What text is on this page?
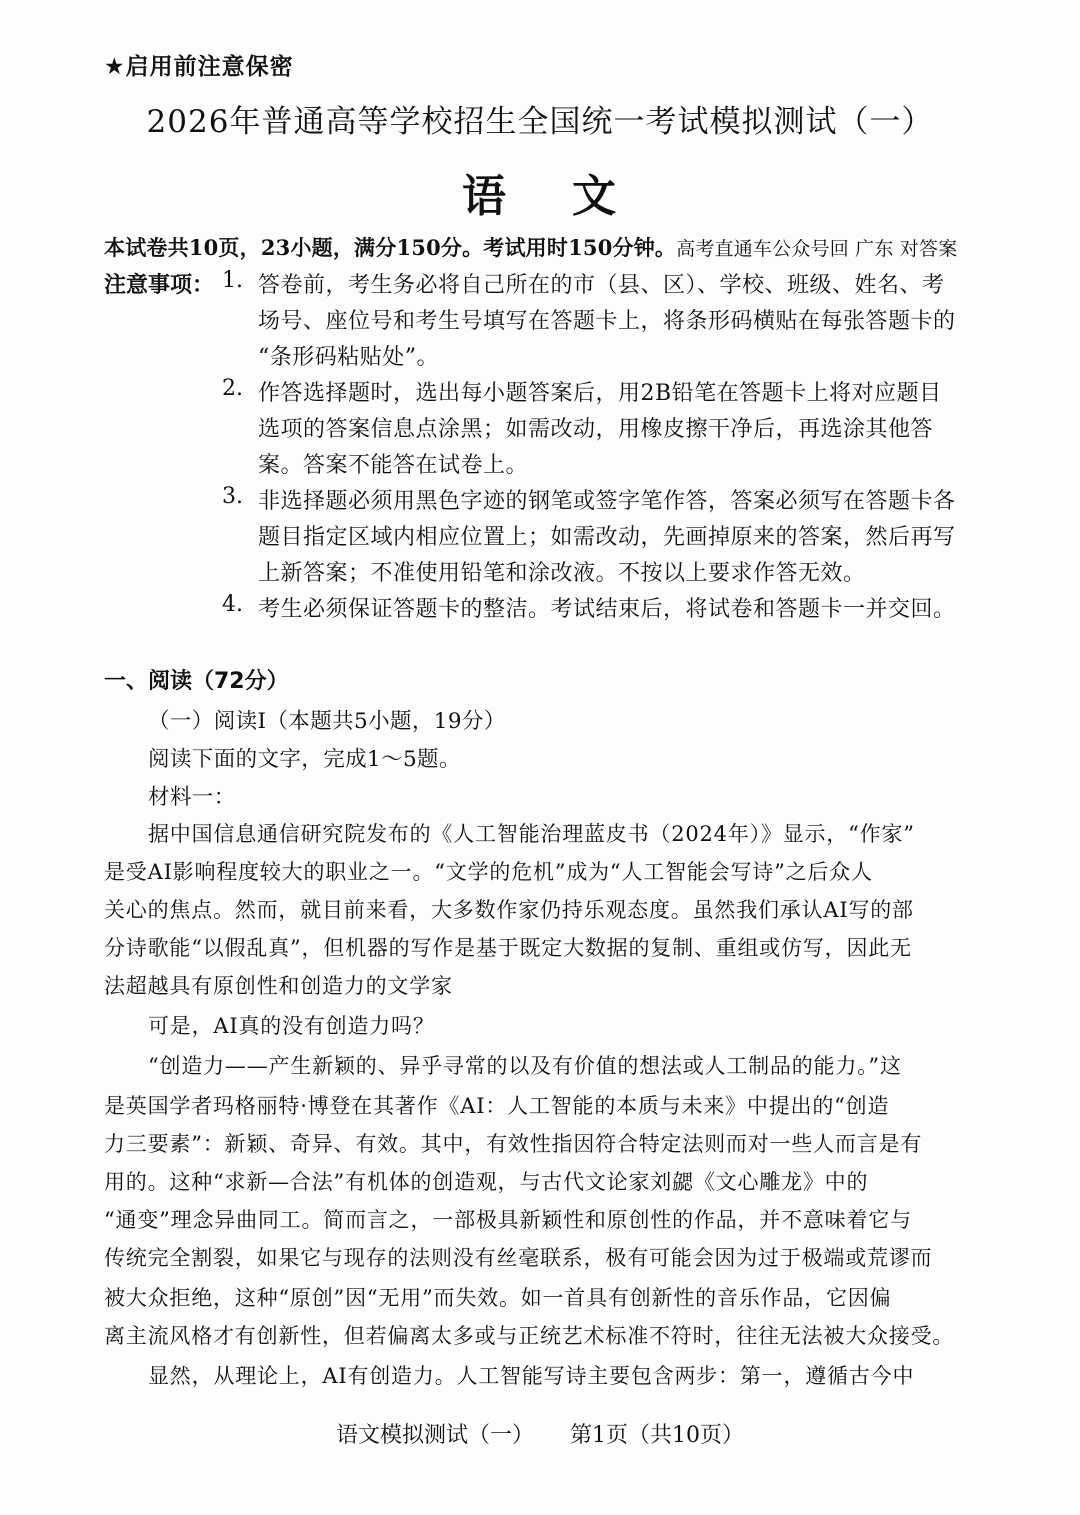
★启用前注意保密
2026年普通高等学校招生全国统一考试模拟测试（一）
语 文
本试卷共10页，23小题，满分150分。考试用时150分钟。高考直通车公众号回 广东 对答案
注意事项： 1. 答卷前，考生务必将自己所在的市（县、区）、学校、班级、姓名、考
场号、座位号和考生号填写在答题卡上，将条形码横贴在每张答题卡的
“条形码粘贴处”。
2. 作答选择题时，选出每小题答案后，用2B铅笔在答题卡上将对应题目
选项的答案信息点涂黑；如需改动，用橡皮擦干净后，再选涂其他答
案。答案不能答在试卷上。
3. 非选择题必须用黑色字迹的钢笔或签字笔作答，答案必须写在答题卡各
题目指定区域内相应位置上；如需改动，先画掉原来的答案，然后再写
上新答案；不准使用铅笔和涂改液。不按以上要求作答无效。
4. 考生必须保证答题卡的整洁。考试结束后，将试卷和答题卡一并交回。
一、阅读（72分）
（一）阅读Ⅰ（本题共5小题，19分）
阅读下面的文字，完成1～5题。
材料一：
据中国信息通信研究院发布的《人工智能治理蓝皮书（2024年）》显示，“作家”
是受AI影响程度较大的职业之一。“文学的危机”成为“人工智能会写诗”之后众人
关心的焦点。然而，就目前来看，大多数作家仍持乐观态度。虽然我们承认AI写的部
分诗歌能“以假乱真”，但机器的写作是基于既定大数据的复制、重组或仿写，因此无
法超越具有原创性和创造力的文学家
可是，AI真的没有创造力吗？
“创造力——产生新颖的、异乎寻常的以及有价值的想法或人工制品的能力。”这
是英国学者玛格丽特·博登在其著作《AI：人工智能的本质与未来》中提出的“创造
力三要素”：新颖、奇异、有效。其中，有效性指因符合特定法则而对一些人而言是有
用的。这种“求新—合法”有机体的创造观，与古代文论家刘勰《文心雕龙》中的
“通变”理念异曲同工。简而言之，一部极具新颖性和原创性的作品，并不意味着它与
传统完全割裂，如果它与现存的法则没有丝毫联系，极有可能会因为过于极端或荒谬而
被大众拒绝，这种“原创”因“无用”而失效。如一首具有创新性的音乐作品，它因偏
离主流风格才有创新性，但若偏离太多或与正统艺术标准不符时，往往无法被大众接受。
显然，从理论上，AI有创造力。人工智能写诗主要包含两步：第一，遵循古今中
语文模拟测试（一） 第1页（共10页）
